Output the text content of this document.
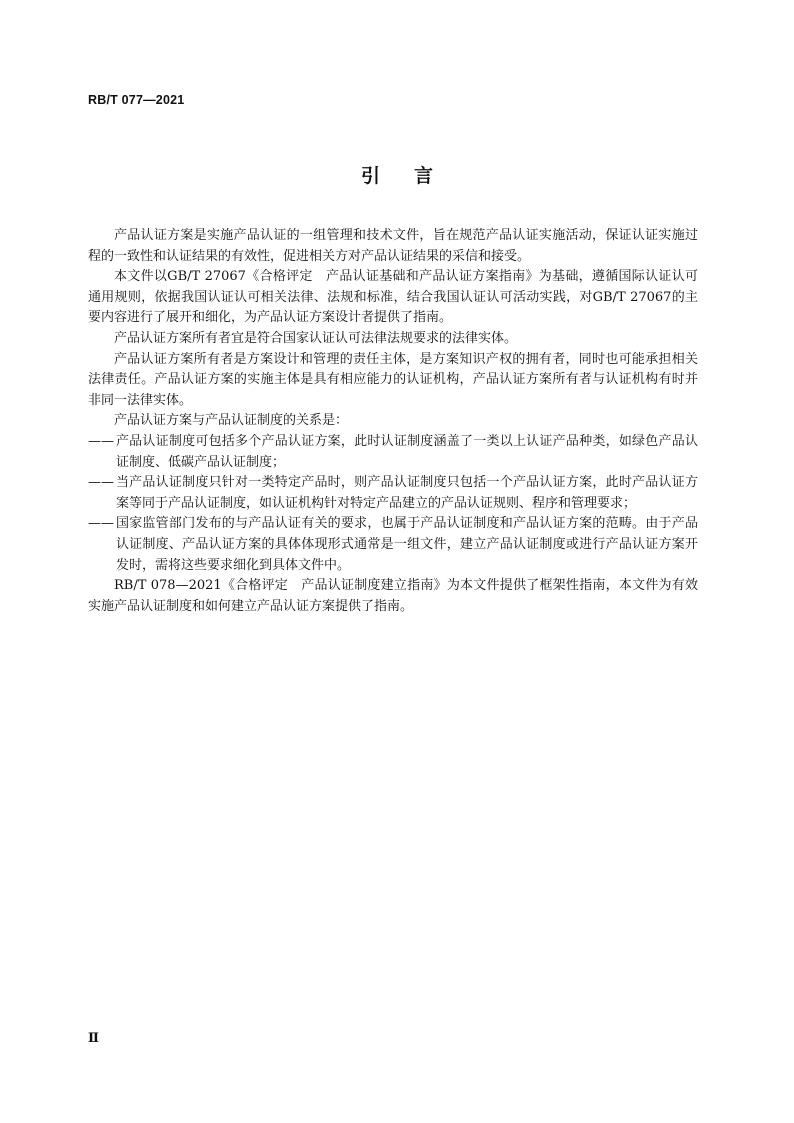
RB/T 077—2021
引言

产品认证方案是实施产品认证的一组管理和技术文件，旨在规范产品认证实施活动，保证认证实施过程的一致性和认证结果的有效性，促进相关方对产品认证结果的采信和接受。

本文件以GB/T 27067《合格评定　产品认证基础和产品认证方案指南》为基础，遵循国际认证认可通用规则，依据我国认证认可相关法律、法规和标准，结合我国认证认可活动实践，对GB/T 27067的主要内容进行了展开和细化，为产品认证方案设计者提供了指南。

产品认证方案所有者宜是符合国家认证认可法律法规要求的法律实体。

产品认证方案所有者是方案设计和管理的责任主体，是方案知识产权的拥有者，同时也可能承担相关法律责任。产品认证方案的实施主体是具有相应能力的认证机构，产品认证方案所有者与认证机构有时并非同一法律实体。

产品认证方案与产品认证制度的关系是：

—— 产品认证制度可包括多个产品认证方案，此时认证制度涵盖了一类以上认证产品种类，如绿色产品认证制度、低碳产品认证制度；
—— 当产品认证制度只针对一类特定产品时，则产品认证制度只包括一个产品认证方案，此时产品认证方案等同于产品认证制度，如认证机构针对特定产品建立的产品认证规则、程序和管理要求；
—— 国家监管部门发布的与产品认证有关的要求，也属于产品认证制度和产品认证方案的范畴。由于产品认证制度、产品认证方案的具体体现形式通常是一组文件，建立产品认证制度或进行产品认证方案开发时，需将这些要求细化到具体文件中。

RB/T 078—2021《合格评定　产品认证制度建立指南》为本文件提供了框架性指南，本文件为有效实施产品认证制度和如何建立产品认证方案提供了指南。

Ⅱ
